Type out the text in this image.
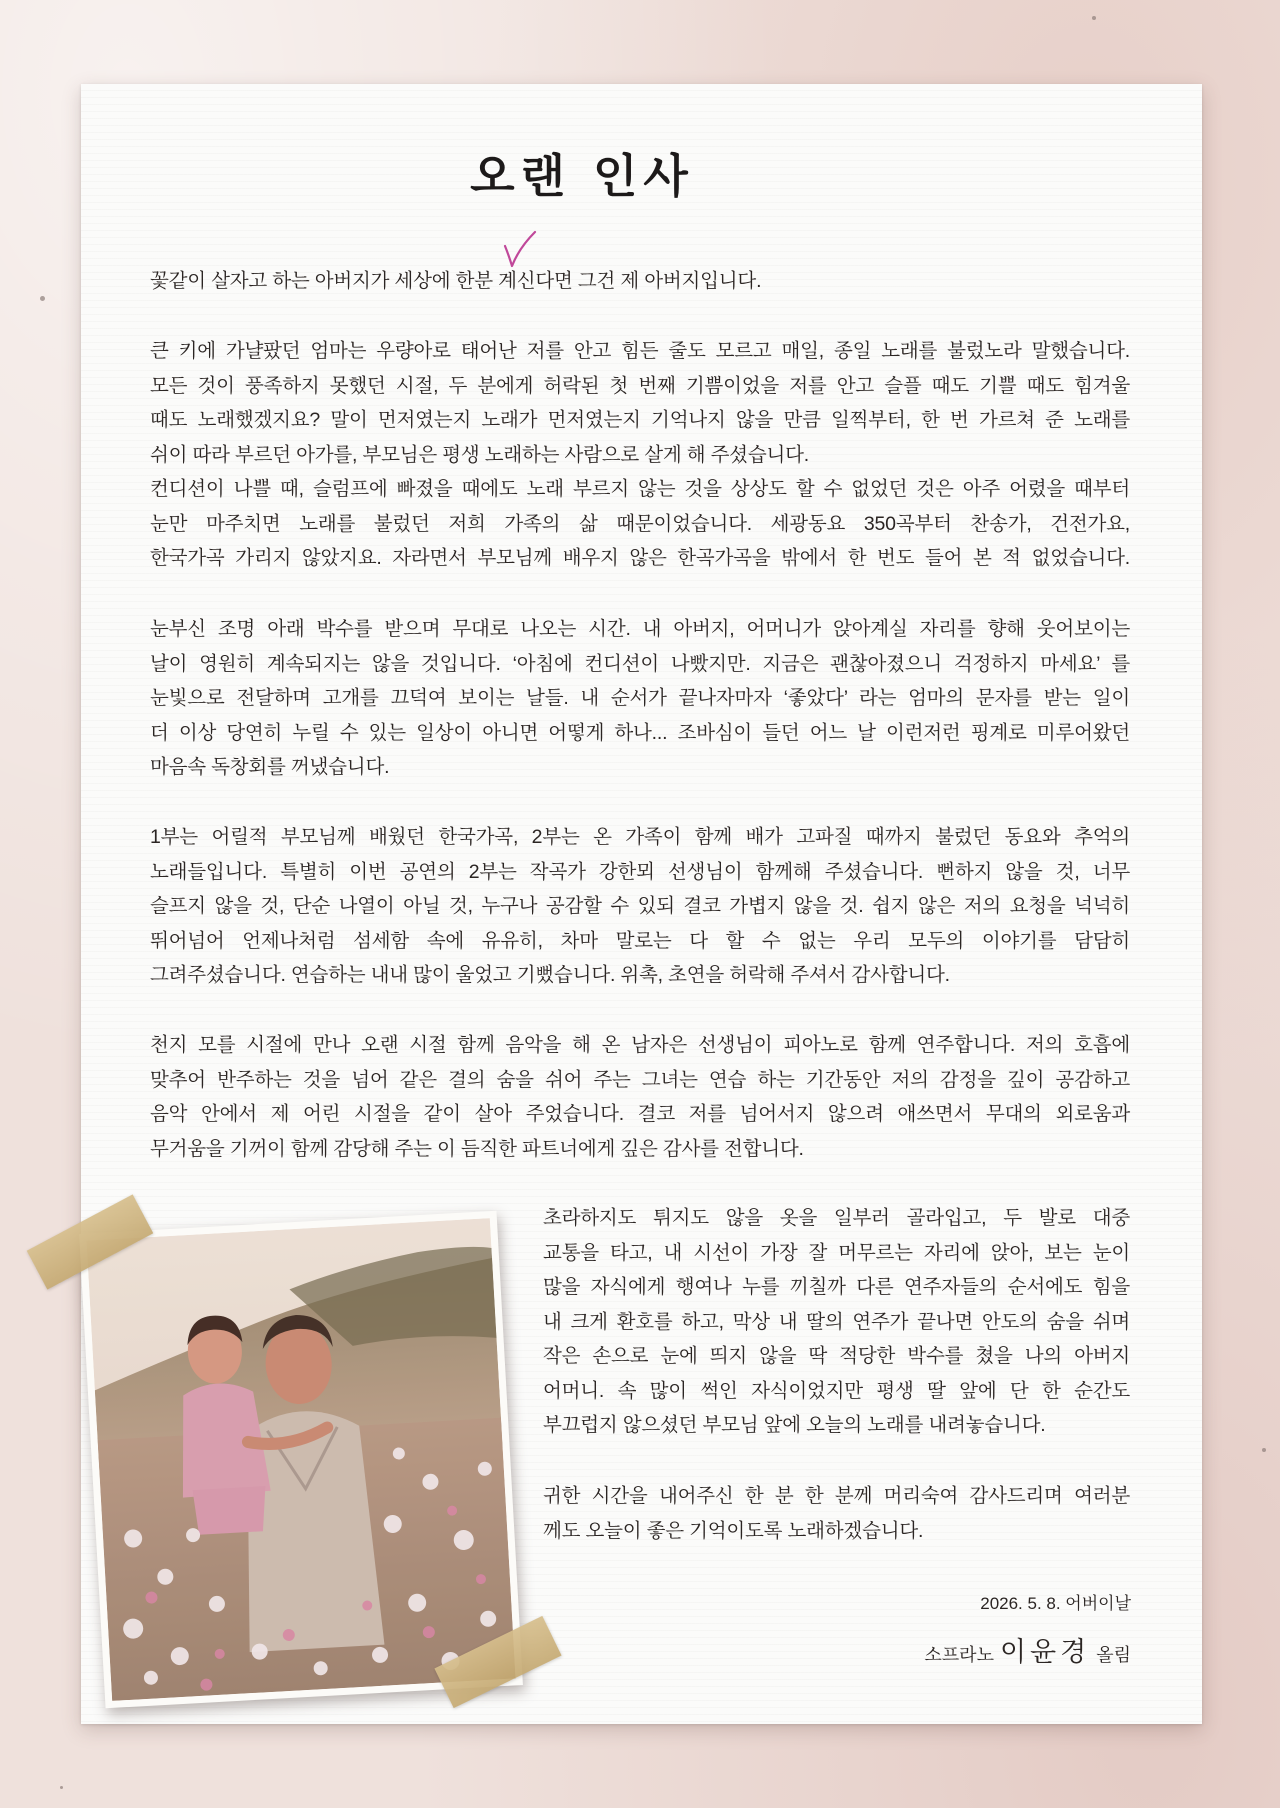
오랜 인사
꽃같이 살자고 하는 아버지가 세상에 한분 계신다면 그건 제 아버지입니다.
큰 키에 가냘팠던 엄마는 우량아로 태어난 저를 안고 힘든 줄도 모르고 매일, 종일 노래를 불렀노라 말했습니다.
모든 것이 풍족하지 못했던 시절, 두 분에게 허락된 첫 번째 기쁨이었을 저를 안고 슬플 때도 기쁠 때도 힘겨울
때도 노래했겠지요? 말이 먼저였는지 노래가 먼저였는지 기억나지 않을 만큼 일찍부터, 한 번 가르쳐 준 노래를
쉬이 따라 부르던 아가를, 부모님은 평생 노래하는 사람으로 살게 해 주셨습니다.
컨디션이 나쁠 때, 슬럼프에 빠졌을 때에도 노래 부르지 않는 것을 상상도 할 수 없었던 것은 아주 어렸을 때부터
눈만 마주치면 노래를 불렀던 저희 가족의 삶 때문이었습니다. 세광동요 350곡부터 찬송가, 건전가요,
한국가곡 가리지 않았지요. 자라면서 부모님께 배우지 않은 한곡가곡을 밖에서 한 번도 들어 본 적 없었습니다.
눈부신 조명 아래 박수를 받으며 무대로 나오는 시간. 내 아버지, 어머니가 앉아계실 자리를 향해 웃어보이는
날이 영원히 계속되지는 않을 것입니다. ‘아침에 컨디션이 나빴지만. 지금은 괜찮아졌으니 걱정하지 마세요’ 를
눈빛으로 전달하며 고개를 끄덕여 보이는 날들. 내 순서가 끝나자마자 ‘좋았다’ 라는 엄마의 문자를 받는 일이
더 이상 당연히 누릴 수 있는 일상이 아니면 어떻게 하나... 조바심이 들던 어느 날 이런저런 핑계로 미루어왔던
마음속 독창회를 꺼냈습니다.
1부는 어릴적 부모님께 배웠던 한국가곡, 2부는 온 가족이 함께 배가 고파질 때까지 불렀던 동요와 추억의
노래들입니다. 특별히 이번 공연의 2부는 작곡가 강한뫼 선생님이 함께해 주셨습니다. 뻔하지 않을 것, 너무
슬프지 않을 것, 단순 나열이 아닐 것, 누구나 공감할 수 있되 결코 가볍지 않을 것. 쉽지 않은 저의 요청을 넉넉히
뛰어넘어 언제나처럼 섬세함 속에 유유히, 차마 말로는 다 할 수 없는 우리 모두의 이야기를 담담히
그려주셨습니다. 연습하는 내내 많이 울었고 기뻤습니다. 위촉, 초연을 허락해 주셔서 감사합니다.
천지 모를 시절에 만나 오랜 시절 함께 음악을 해 온 남자은 선생님이 피아노로 함께 연주합니다. 저의 호흡에
맞추어 반주하는 것을 넘어 같은 결의 숨을 쉬어 주는 그녀는 연습 하는 기간동안 저의 감정을 깊이 공감하고
음악 안에서 제 어린 시절을 같이 살아 주었습니다. 결코 저를 넘어서지 않으려 애쓰면서 무대의 외로움과
무거움을 기꺼이 함께 감당해 주는 이 듬직한 파트너에게 깊은 감사를 전합니다.
초라하지도 튀지도 않을 옷을 일부러 골라입고, 두 발로 대중
교통을 타고, 내 시선이 가장 잘 머무르는 자리에 앉아, 보는 눈이
많을 자식에게 행여나 누를 끼칠까 다른 연주자들의 순서에도 힘을
내 크게 환호를 하고, 막상 내 딸의 연주가 끝나면 안도의 숨을 쉬며
작은 손으로 눈에 띄지 않을 딱 적당한 박수를 쳤을 나의 아버지
어머니. 속 많이 썩인 자식이었지만 평생 딸 앞에 단 한 순간도
부끄럽지 않으셨던 부모님 앞에 오늘의 노래를 내려놓습니다.
귀한 시간을 내어주신 한 분 한 분께 머리숙여 감사드리며 여러분
께도 오늘이 좋은 기억이도록 노래하겠습니다.
2026. 5. 8. 어버이날
소프라노 이윤경 올림
